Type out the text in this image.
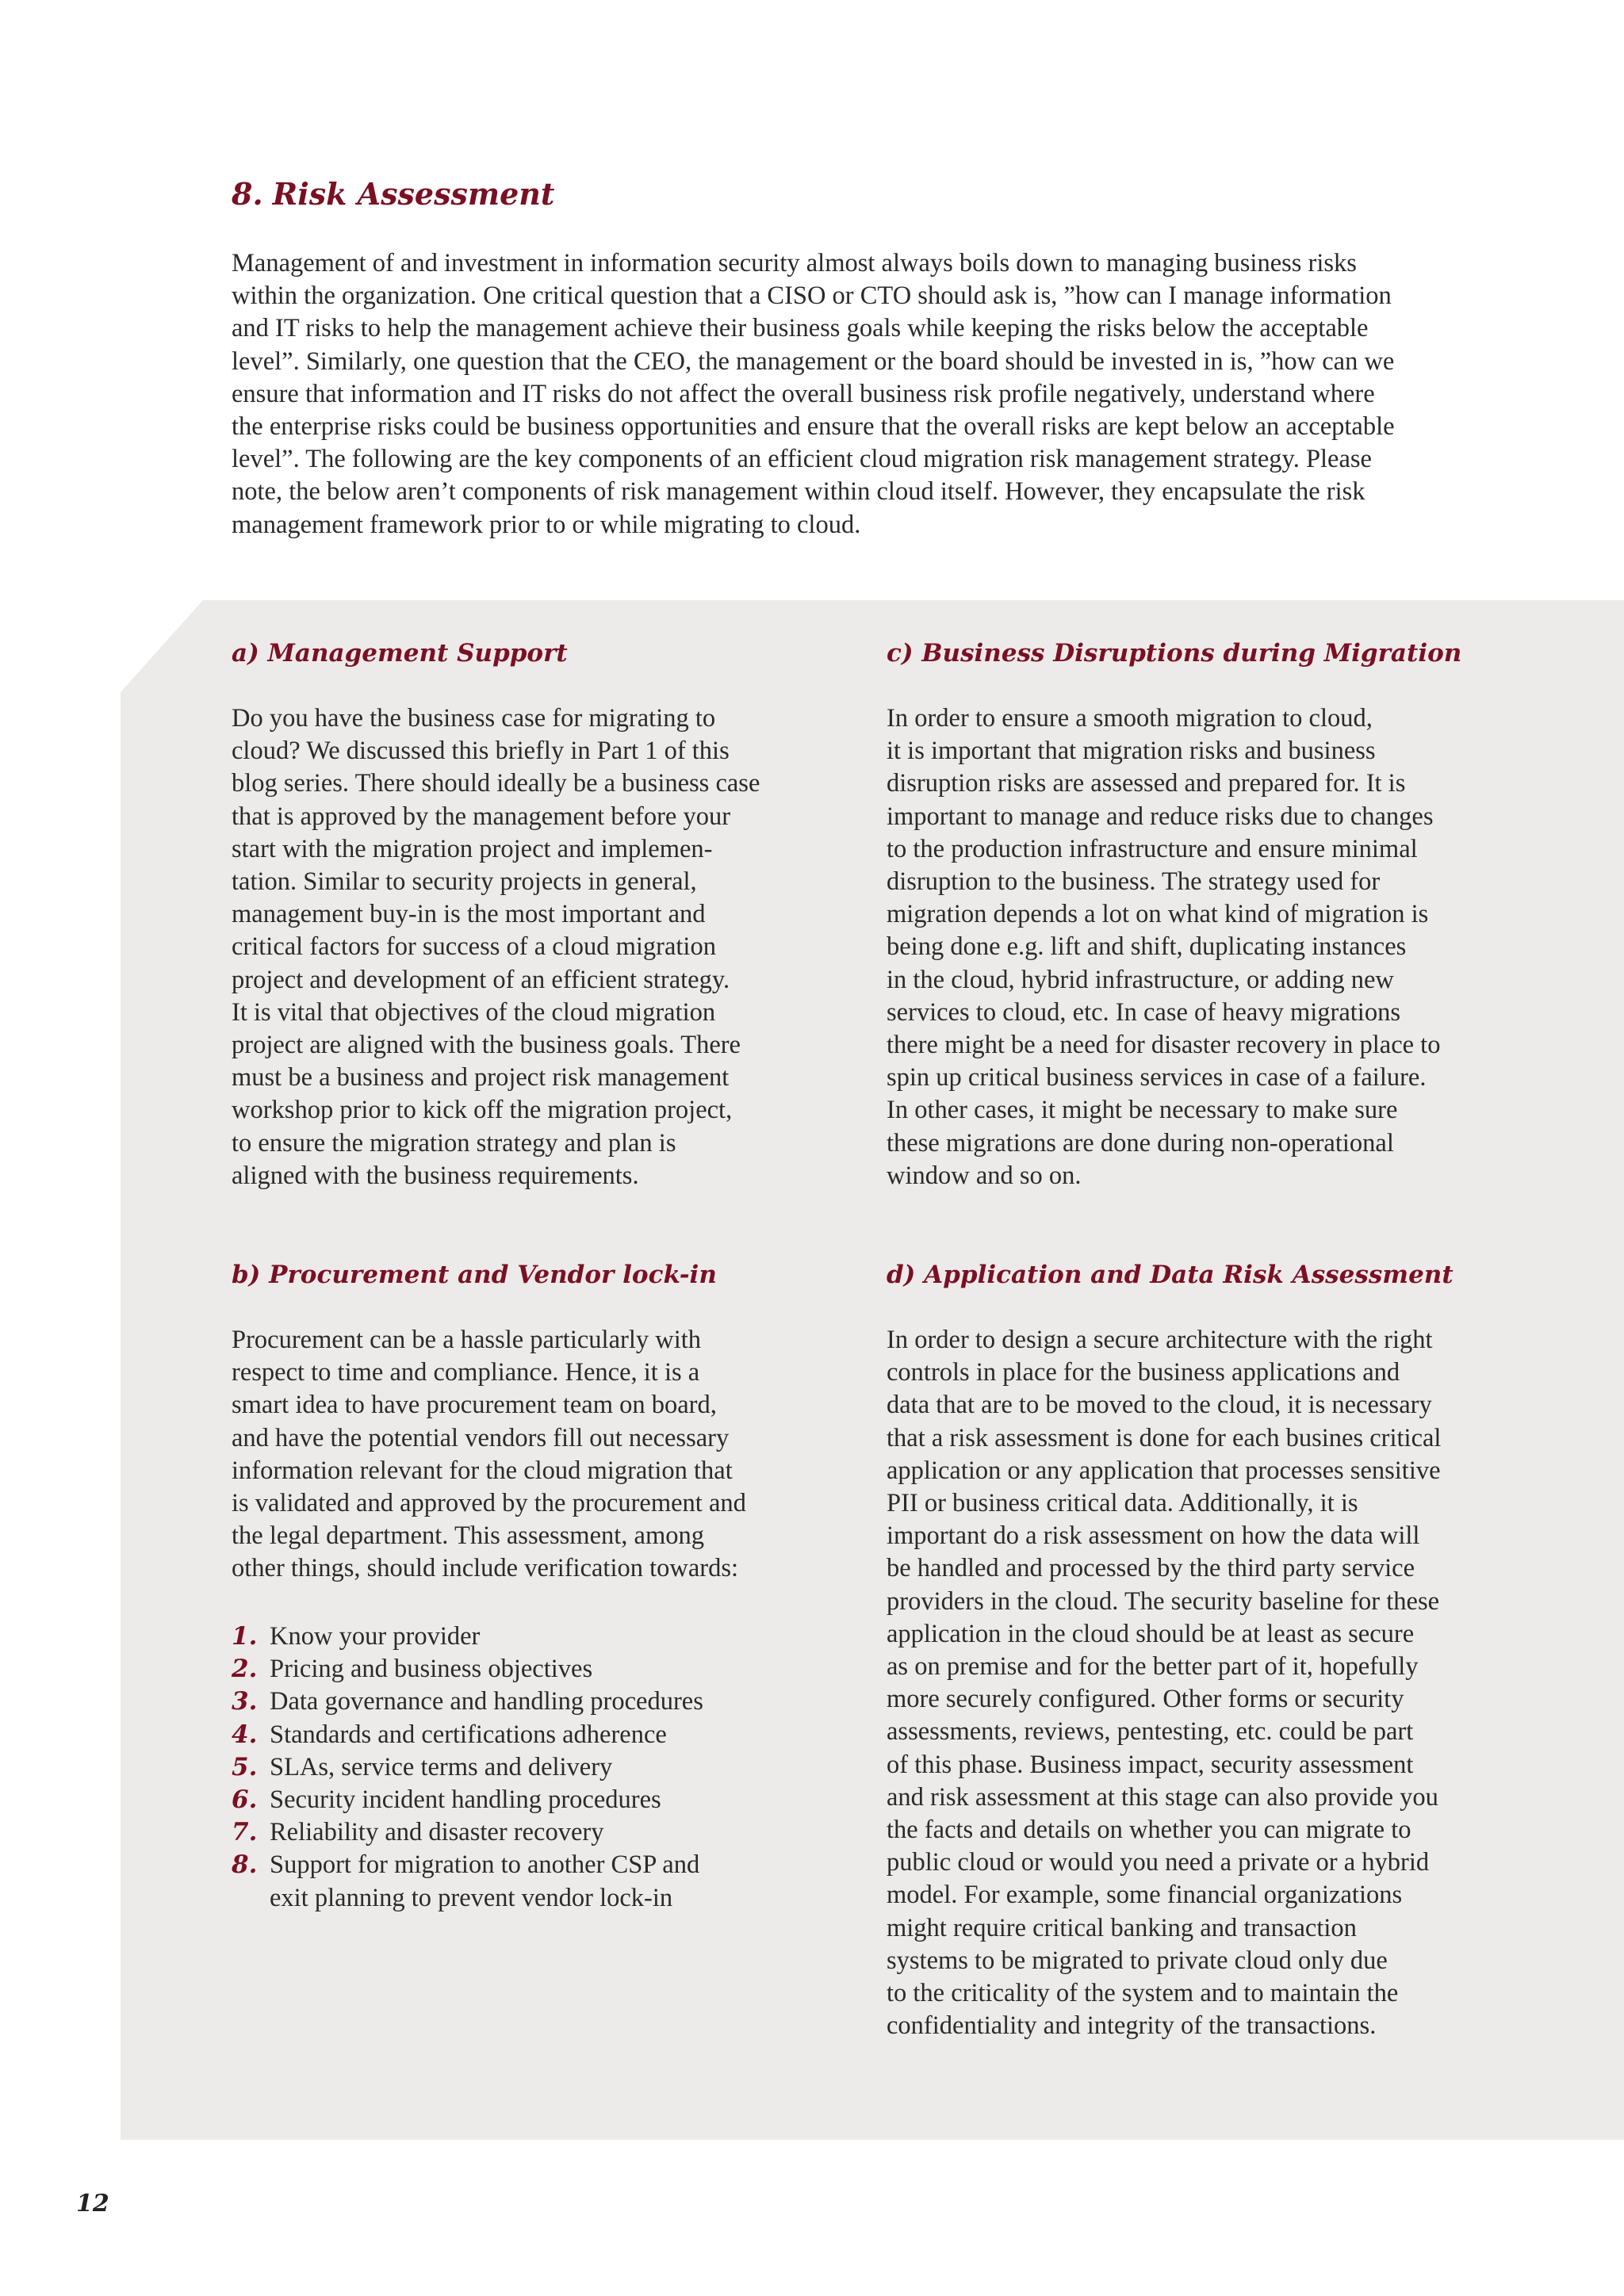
8. Risk Assessment

Management of and investment in information security almost always boils down to managing business risks
within the organization. One critical question that a CISO or CTO should ask is, ”how can I manage information
and IT risks to help the management achieve their business goals while keeping the risks below the acceptable
level”. Similarly, one question that the CEO, the management or the board should be invested in is, ”how can we
ensure that information and IT risks do not affect the overall business risk profile negatively, understand where
the enterprise risks could be business opportunities and ensure that the overall risks are kept below an acceptable
level”. The following are the key components of an efficient cloud migration risk management strategy. Please
note, the below aren’t components of risk management within cloud itself. However, they encapsulate the risk
management framework prior to or while migrating to cloud.

a) Management Support

Do you have the business case for migrating to
cloud? We discussed this briefly in Part 1 of this
blog series. There should ideally be a business case
that is approved by the management before your
start with the migration project and implemen-
tation. Similar to security projects in general,
management buy-in is the most important and
critical factors for success of a cloud migration
project and development of an efficient strategy.
It is vital that objectives of the cloud migration
project are aligned with the business goals. There
must be a business and project risk management
workshop prior to kick off the migration project,
to ensure the migration strategy and plan is
aligned with the business requirements.

c) Business Disruptions during Migration

In order to ensure a smooth migration to cloud,
it is important that migration risks and business
disruption risks are assessed and prepared for. It is
important to manage and reduce risks due to changes
to the production infrastructure and ensure minimal
disruption to the business. The strategy used for
migration depends a lot on what kind of migration is
being done e.g. lift and shift, duplicating instances
in the cloud, hybrid infrastructure, or adding new
services to cloud, etc. In case of heavy migrations
there might be a need for disaster recovery in place to
spin up critical business services in case of a failure.
In other cases, it might be necessary to make sure
these migrations are done during non-operational
window and so on.

b) Procurement and Vendor lock-in

Procurement can be a hassle particularly with
respect to time and compliance. Hence, it is a
smart idea to have procurement team on board,
and have the potential vendors fill out necessary
information relevant for the cloud migration that
is validated and approved by the procurement and
the legal department. This assessment, among
other things, should include verification towards:

1. Know your provider
2. Pricing and business objectives
3. Data governance and handling procedures
4. Standards and certifications adherence
5. SLAs, service terms and delivery
6. Security incident handling procedures
7. Reliability and disaster recovery
8. Support for migration to another CSP and
exit planning to prevent vendor lock-in
d) Application and Data Risk Assessment

In order to design a secure architecture with the right
controls in place for the business applications and
data that are to be moved to the cloud, it is necessary
that a risk assessment is done for each busines critical
application or any application that processes sensitive
PII or business critical data. Additionally, it is
important do a risk assessment on how the data will
be handled and processed by the third party service
providers in the cloud. The security baseline for these
application in the cloud should be at least as secure
as on premise and for the better part of it, hopefully
more securely configured. Other forms or security
assessments, reviews, pentesting, etc. could be part
of this phase. Business impact, security assessment
and risk assessment at this stage can also provide you
the facts and details on whether you can migrate to
public cloud or would you need a private or a hybrid
model. For example, some financial organizations
might require critical banking and transaction
systems to be migrated to private cloud only due
to the criticality of the system and to maintain the
confidentiality and integrity of the transactions.

12
